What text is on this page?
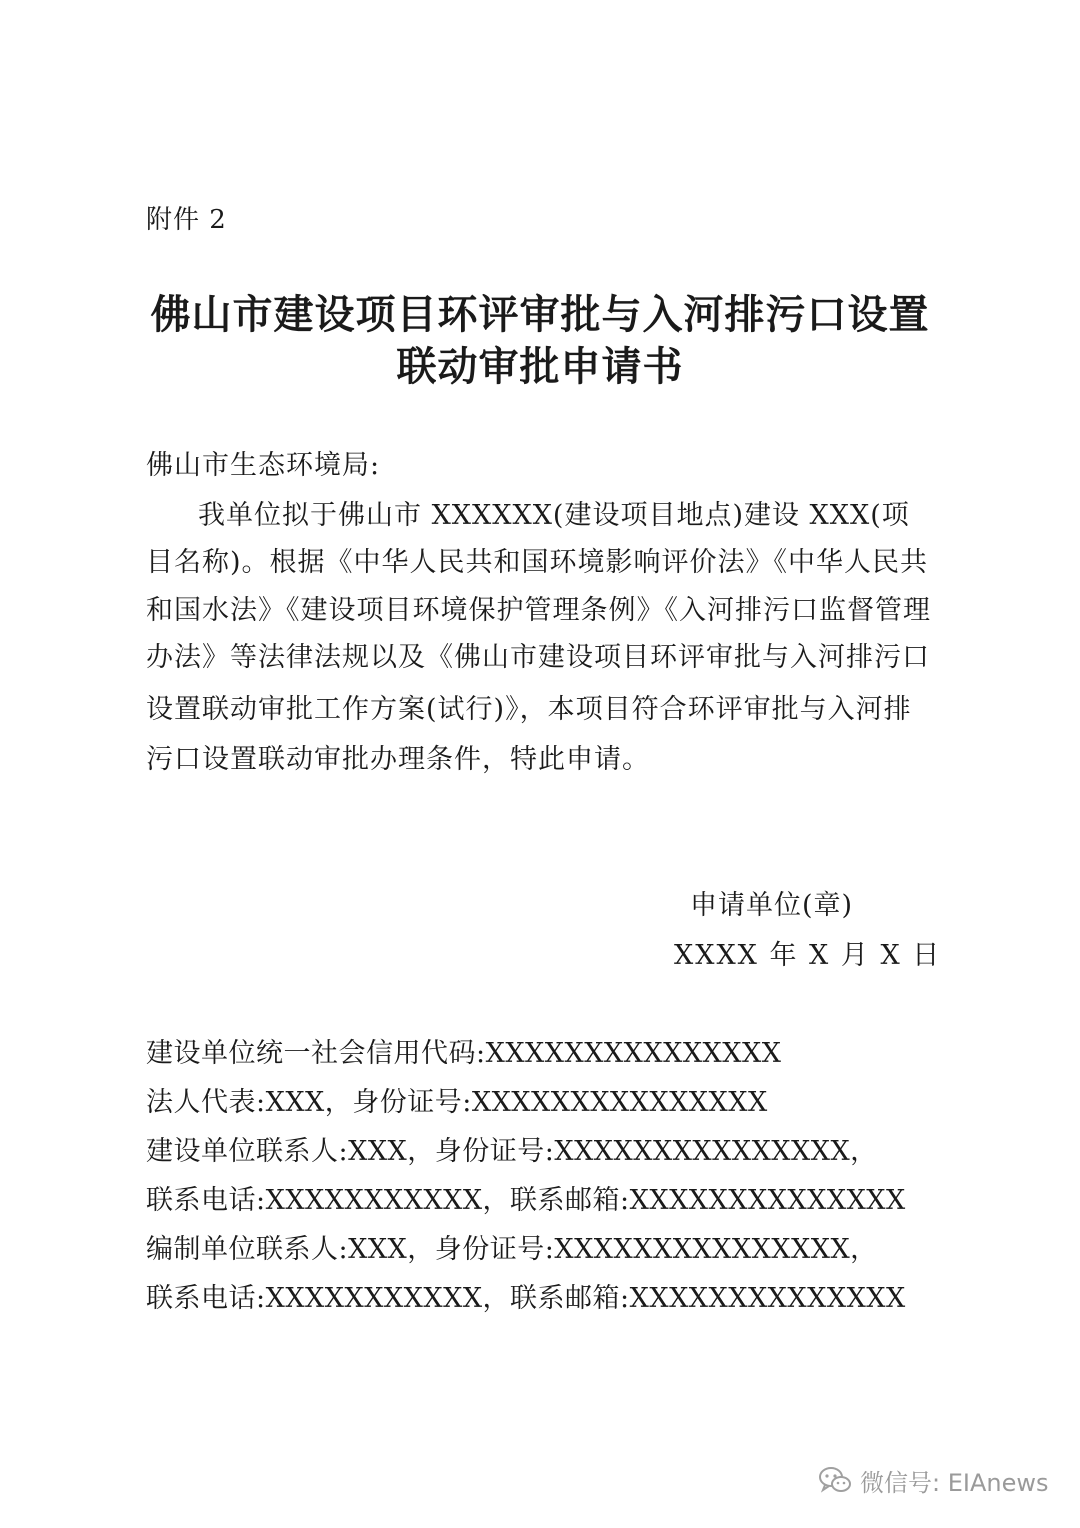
附件 2
佛山市建设项目环评审批与入河排污口设置
联动审批申请书
佛山市生态环境局:
我单位拟于佛山市 XXXXXX(建设项目地点)建设 XXX(项
目名称)。根据《中华人民共和国环境影响评价法》《中华人民共
和国水法》《建设项目环境保护管理条例》《入河排污口监督管理
办法》等法律法规以及《佛山市建设项目环评审批与入河排污口
设置联动审批工作方案(试行)》，本项目符合环评审批与入河排
污口设置联动审批办理条件，特此申请。
申请单位(章)
XXXX 年 X 月 X 日
建设单位统一社会信用代码:XXXXXXXXXXXXXXX
法人代表:XXX，身份证号:XXXXXXXXXXXXXXX
建设单位联系人:XXX，身份证号:XXXXXXXXXXXXXXX，
联系电话:XXXXXXXXXXX，联系邮箱:XXXXXXXXXXXXXX
编制单位联系人:XXX，身份证号:XXXXXXXXXXXXXXX，
联系电话:XXXXXXXXXXX，联系邮箱:XXXXXXXXXXXXXX
微信号: EIAnews
